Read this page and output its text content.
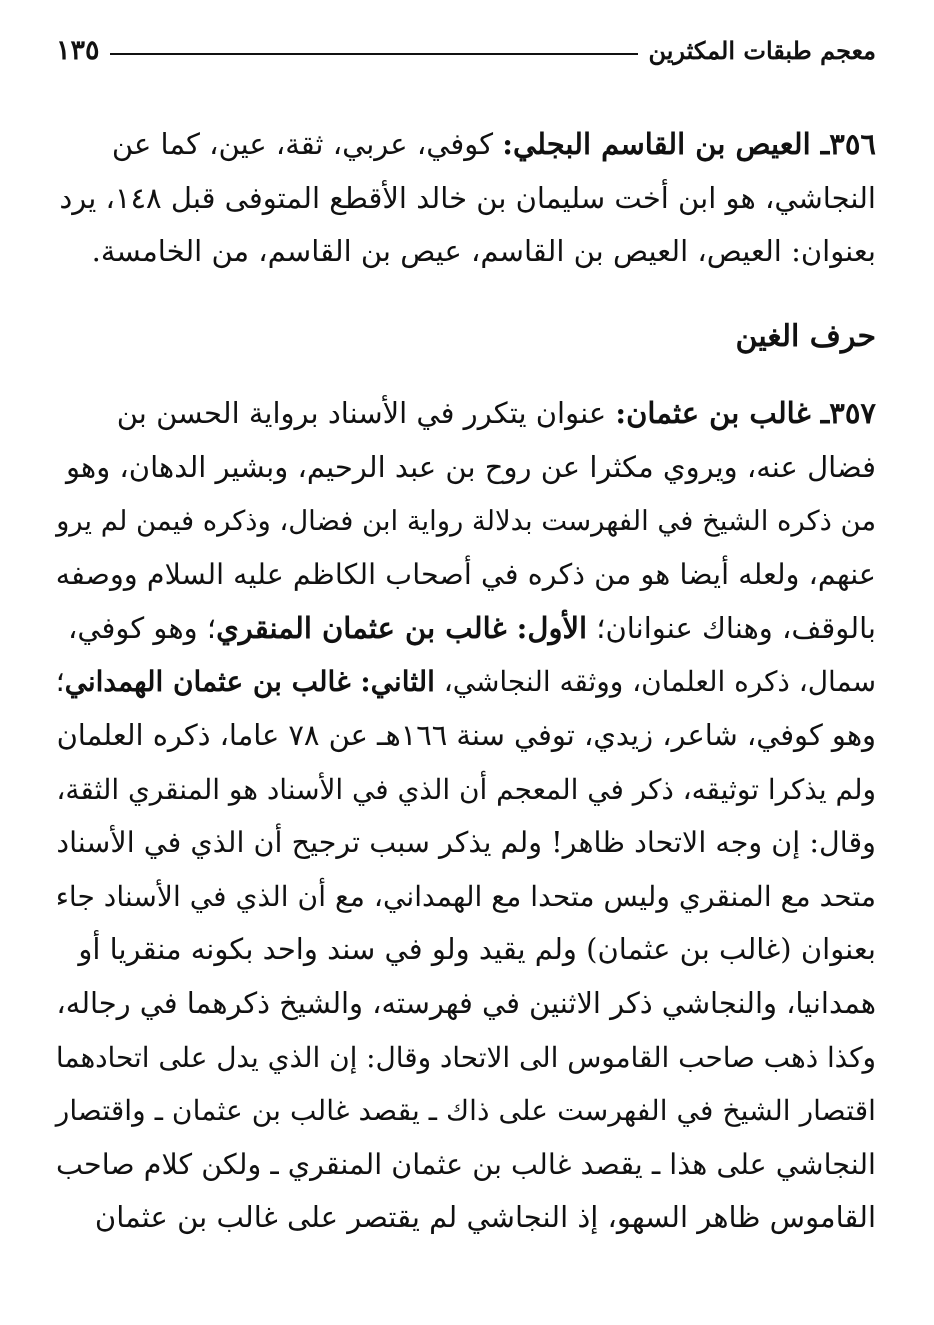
١٣٥	معجم طبقات المكثرين
٣٥٦ـ العيص بن القاسم البجلي: كوفي، عربي، ثقة، عين، كما عن
النجاشي، هو ابن أخت سليمان بن خالد الأقطع المتوفى قبل ١٤٨، يرد
بعنوان: العيص، العيص بن القاسم، عيص بن القاسم، من الخامسة.
حرف الغين
٣٥٧ـ غالب بن عثمان: عنوان يتكرر في الأسناد برواية الحسن بن
فضال عنه، ويروي مكثرا عن روح بن عبد الرحيم، وبشير الدهان، وهو
من ذكره الشيخ في الفهرست بدلالة رواية ابن فضال، وذكره فيمن لم يرو
عنهم، ولعله أيضا هو من ذكره في أصحاب الكاظم عليه السلام ووصفه
بالوقف، وهناك عنوانان؛ الأول: غالب بن عثمان المنقري؛ وهو كوفي،
سمال، ذكره العلمان، ووثقه النجاشي، الثاني: غالب بن عثمان الهمداني؛
وهو كوفي، شاعر، زيدي، توفي سنة ١٦٦هـ عن ٧٨ عاما، ذكره العلمان
ولم يذكرا توثيقه، ذكر في المعجم أن الذي في الأسناد هو المنقري الثقة،
وقال: إن وجه الاتحاد ظاهر! ولم يذكر سبب ترجيح أن الذي في الأسناد
متحد مع المنقري وليس متحدا مع الهمداني، مع أن الذي في الأسناد جاء
بعنوان (غالب بن عثمان) ولم يقيد ولو في سند واحد بكونه منقريا أو
همدانيا، والنجاشي ذكر الاثنين في فهرسته، والشيخ ذكرهما في رجاله،
وكذا ذهب صاحب القاموس الى الاتحاد وقال: إن الذي يدل على اتحادهما
اقتصار الشيخ في الفهرست على ذاك ـ يقصد غالب بن عثمان ـ واقتصار
النجاشي على هذا ـ يقصد غالب بن عثمان المنقري ـ ولكن كلام صاحب
القاموس ظاهر السهو، إذ النجاشي لم يقتصر على غالب بن عثمان
